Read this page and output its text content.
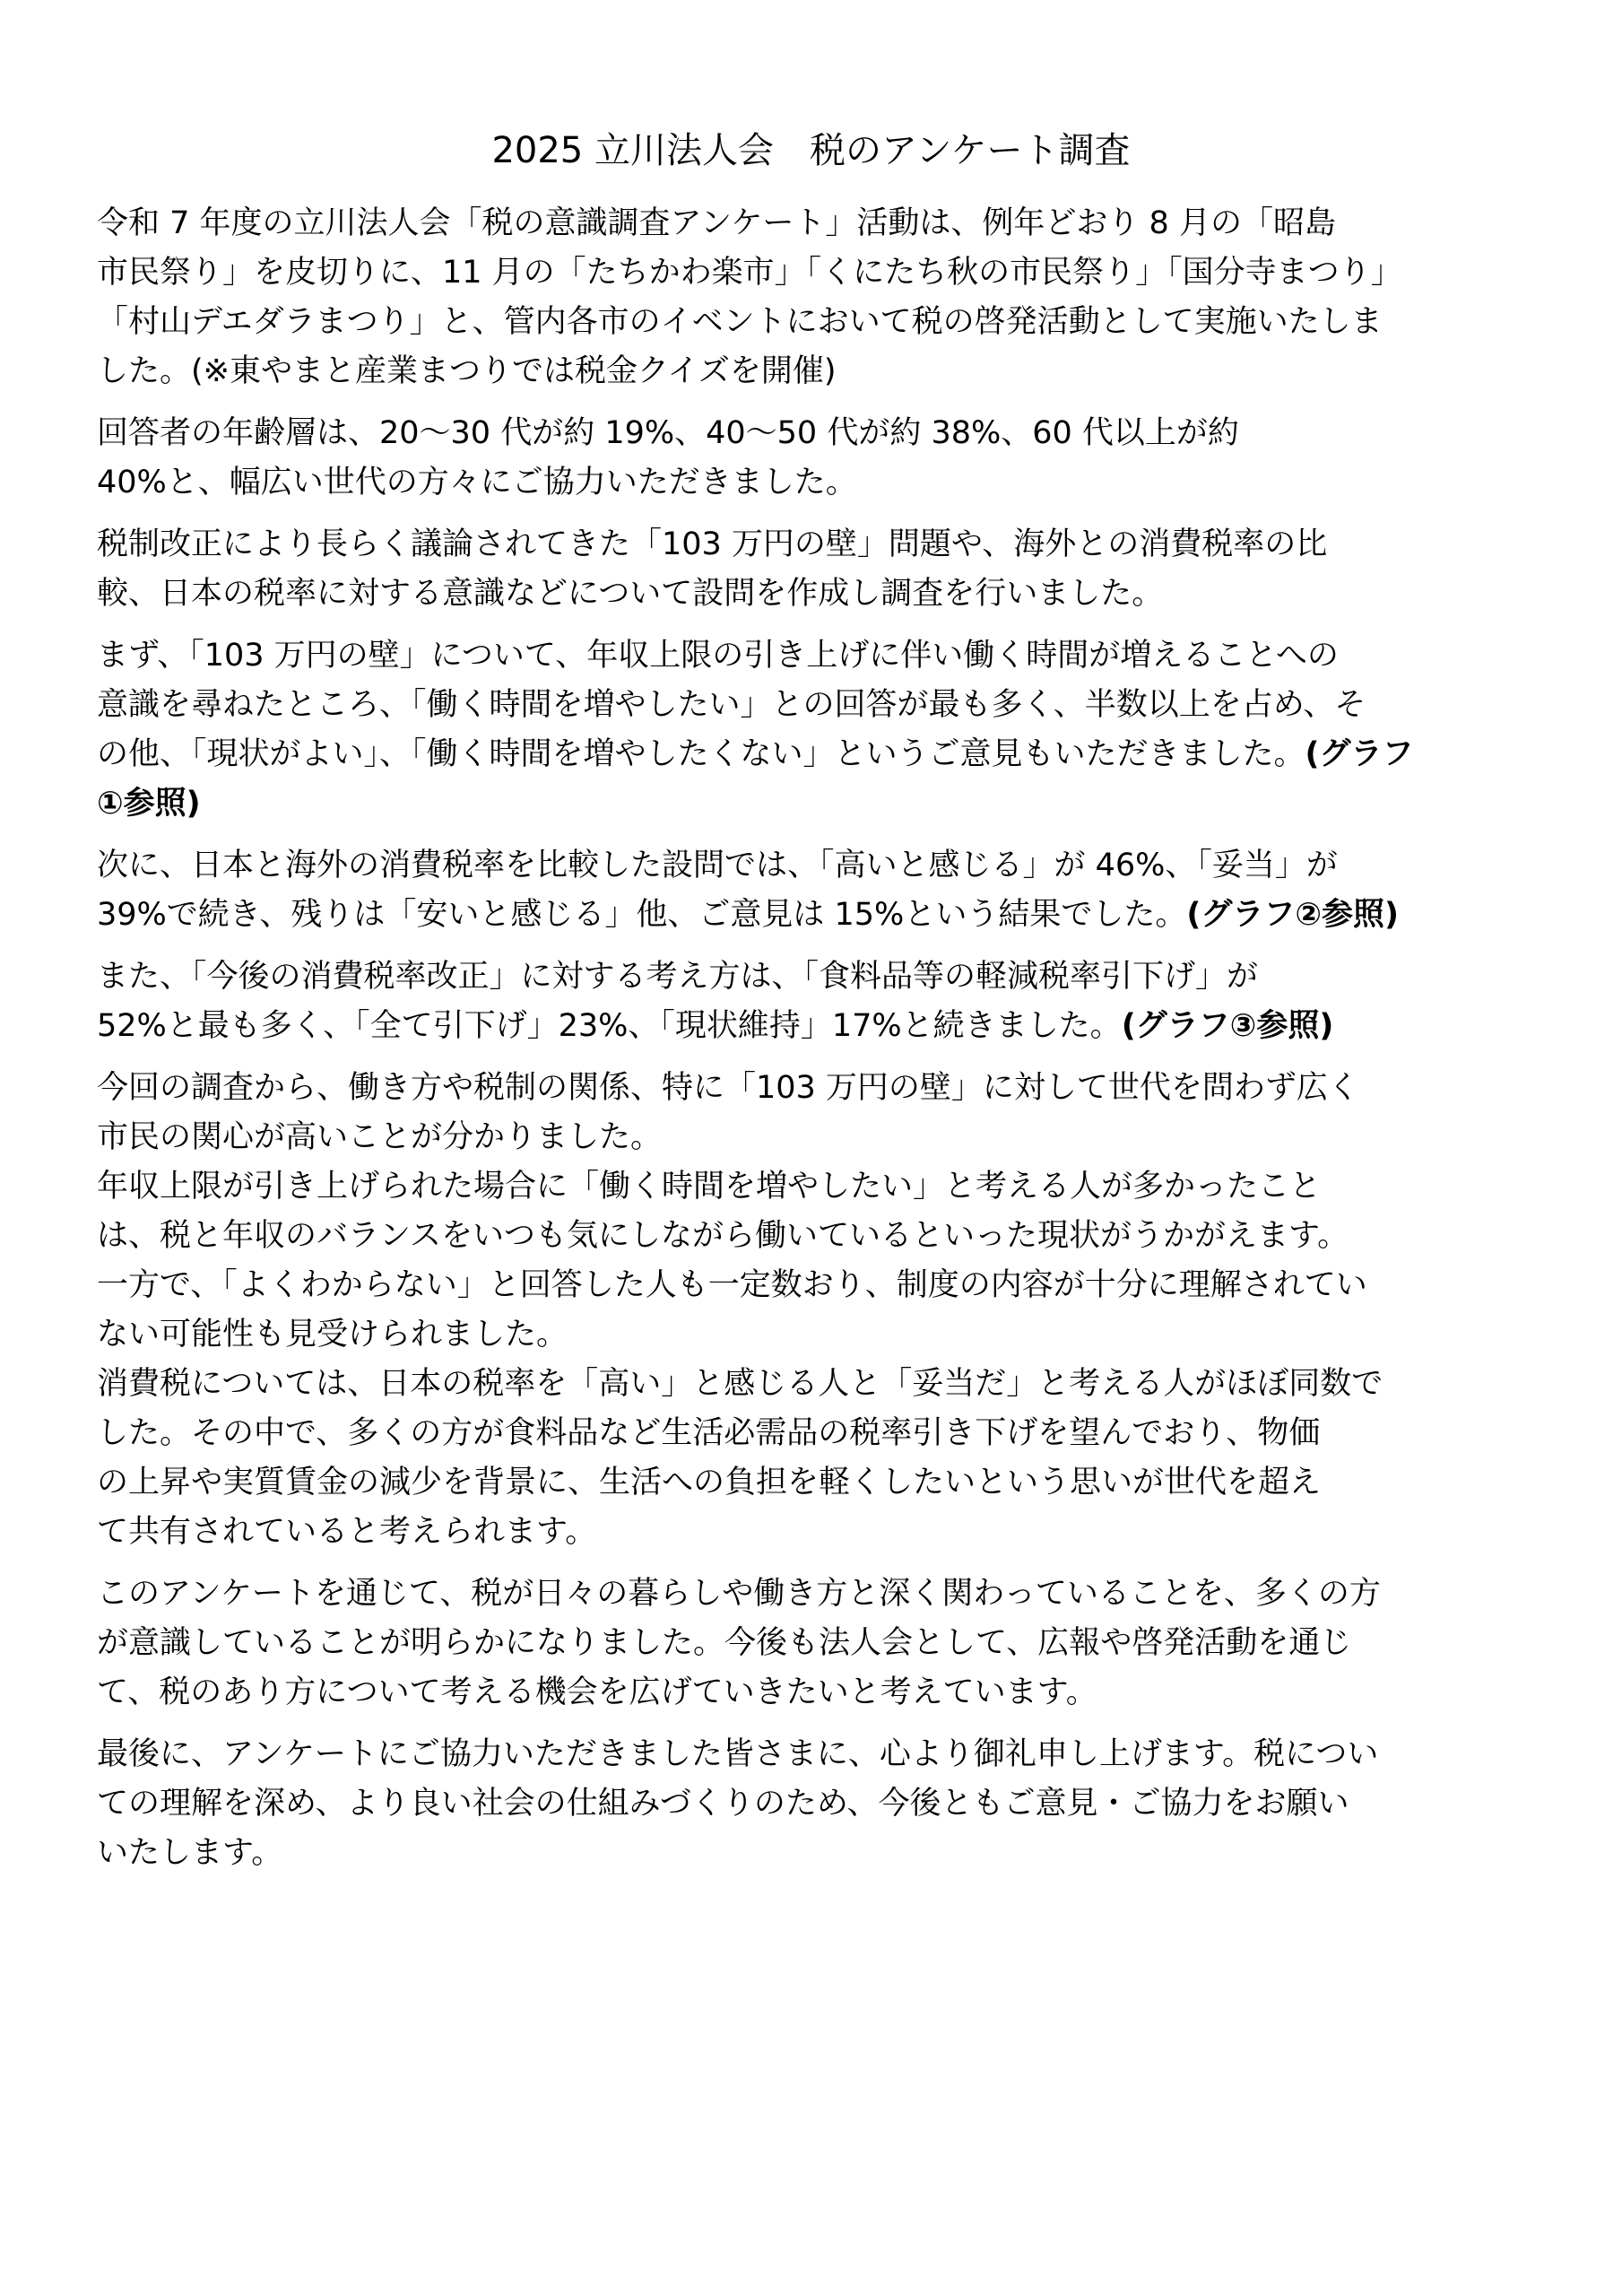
2025 立川法人会　税のアンケート調査

令和 7 年度の立川法人会「税の意識調査アンケート」活動は、例年どおり 8 月の「昭島
市民祭り」を皮切りに、11 月の「たちかわ楽市」「くにたち秋の市民祭り」「国分寺まつり」
「村山デエダラまつり」と、管内各市のイベントにおいて税の啓発活動として実施いたしま
した。(※東やまと産業まつりでは税金クイズを開催)

回答者の年齢層は、20〜30 代が約 19%、40〜50 代が約 38%、60 代以上が約
40%と、幅広い世代の方々にご協力いただきました。

税制改正により長らく議論されてきた「103 万円の壁」問題や、海外との消費税率の比
較、日本の税率に対する意識などについて設問を作成し調査を行いました。

まず、「103 万円の壁」について、年収上限の引き上げに伴い働く時間が増えることへの
意識を尋ねたところ、「働く時間を増やしたい」との回答が最も多く、半数以上を占め、そ
の他、「現状がよい」、「働く時間を増やしたくない」というご意見もいただきました。(グラフ
①参照)

次に、日本と海外の消費税率を比較した設問では、「高いと感じる」が 46%、「妥当」が
39%で続き、残りは「安いと感じる」他、ご意見は 15%という結果でした。(グラフ②参照)

また、「今後の消費税率改正」に対する考え方は、「食料品等の軽減税率引下げ」が
52%と最も多く、「全て引下げ」23%、「現状維持」17%と続きました。(グラフ③参照)

今回の調査から、働き方や税制の関係、特に「103 万円の壁」に対して世代を問わず広く
市民の関心が高いことが分かりました。
年収上限が引き上げられた場合に「働く時間を増やしたい」と考える人が多かったこと
は、税と年収のバランスをいつも気にしながら働いているといった現状がうかがえます。
一方で、「よくわからない」と回答した人も一定数おり、制度の内容が十分に理解されてい
ない可能性も見受けられました。
消費税については、日本の税率を「高い」と感じる人と「妥当だ」と考える人がほぼ同数で
した。その中で、多くの方が食料品など生活必需品の税率引き下げを望んでおり、物価
の上昇や実質賃金の減少を背景に、生活への負担を軽くしたいという思いが世代を超え
て共有されていると考えられます。

このアンケートを通じて、税が日々の暮らしや働き方と深く関わっていることを、多くの方
が意識していることが明らかになりました。今後も法人会として、広報や啓発活動を通じ
て、税のあり方について考える機会を広げていきたいと考えています。

最後に、アンケートにご協力いただきました皆さまに、心より御礼申し上げます。税につい
ての理解を深め、より良い社会の仕組みづくりのため、今後ともご意見・ご協力をお願い
いたします。
